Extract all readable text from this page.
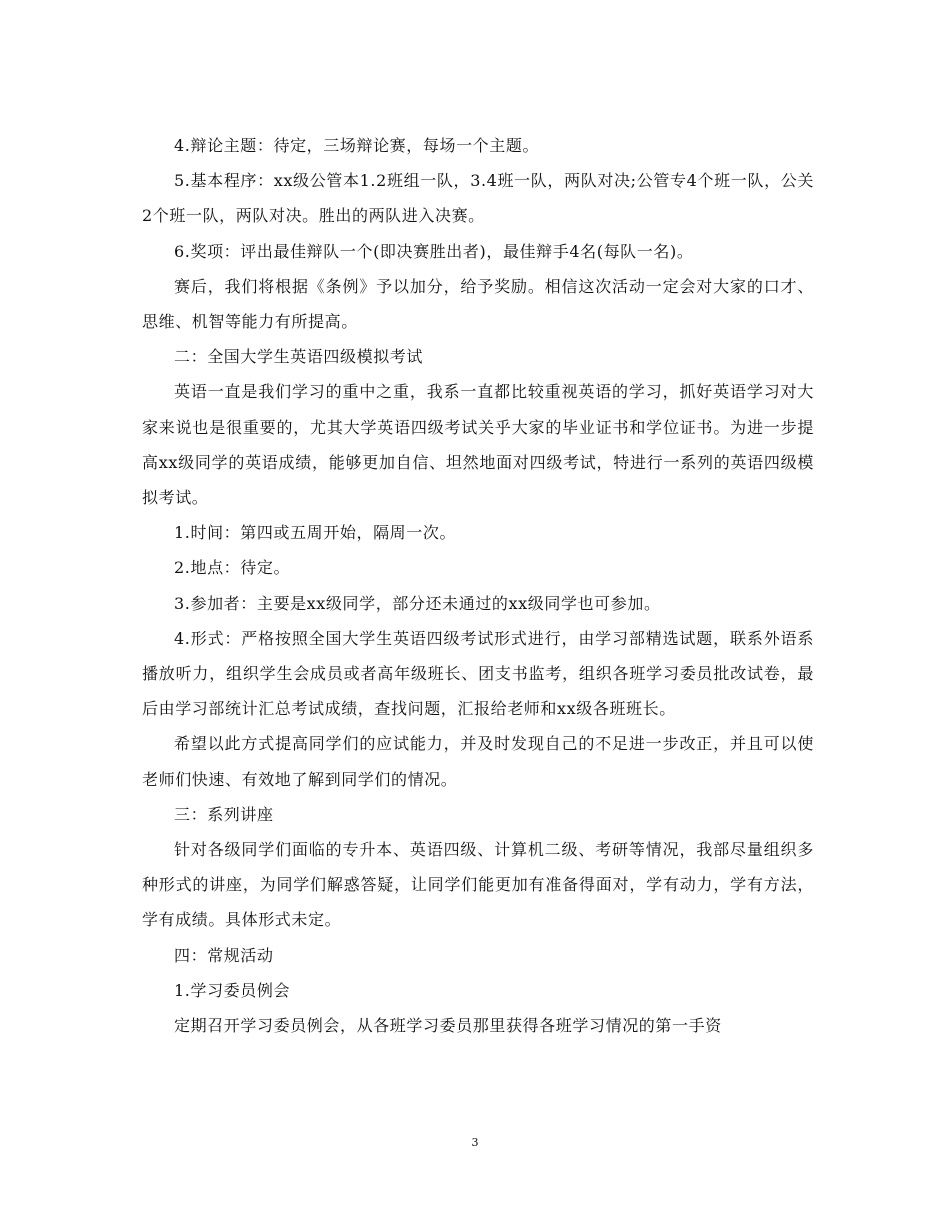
4.辩论主题：待定，三场辩论赛，每场一个主题。

5.基本程序：xx级公管本1.2班组一队，3.4班一队，两队对决;公管专4个班一队，公关2个班一队，两队对决。胜出的两队进入决赛。

6.奖项：评出最佳辩队一个(即决赛胜出者)，最佳辩手4名(每队一名)。

赛后，我们将根据《条例》予以加分，给予奖励。相信这次活动一定会对大家的口才、思维、机智等能力有所提高。

二：全国大学生英语四级模拟考试

英语一直是我们学习的重中之重，我系一直都比较重视英语的学习，抓好英语学习对大家来说也是很重要的，尤其大学英语四级考试关乎大家的毕业证书和学位证书。为进一步提高xx级同学的英语成绩，能够更加自信、坦然地面对四级考试，特进行一系列的英语四级模拟考试。

1.时间：第四或五周开始，隔周一次。

2.地点：待定。

3.参加者：主要是xx级同学，部分还未通过的xx级同学也可参加。

4.形式：严格按照全国大学生英语四级考试形式进行，由学习部精选试题，联系外语系播放听力，组织学生会成员或者高年级班长、团支书监考，组织各班学习委员批改试卷，最后由学习部统计汇总考试成绩，查找问题，汇报给老师和xx级各班班长。

希望以此方式提高同学们的应试能力，并及时发现自己的不足进一步改正，并且可以使老师们快速、有效地了解到同学们的情况。

三：系列讲座

针对各级同学们面临的专升本、英语四级、计算机二级、考研等情况，我部尽量组织多种形式的讲座，为同学们解惑答疑，让同学们能更加有准备得面对，学有动力，学有方法，学有成绩。具体形式未定。

四：常规活动

1.学习委员例会

定期召开学习委员例会，从各班学习委员那里获得各班学习情况的第一手资

3
